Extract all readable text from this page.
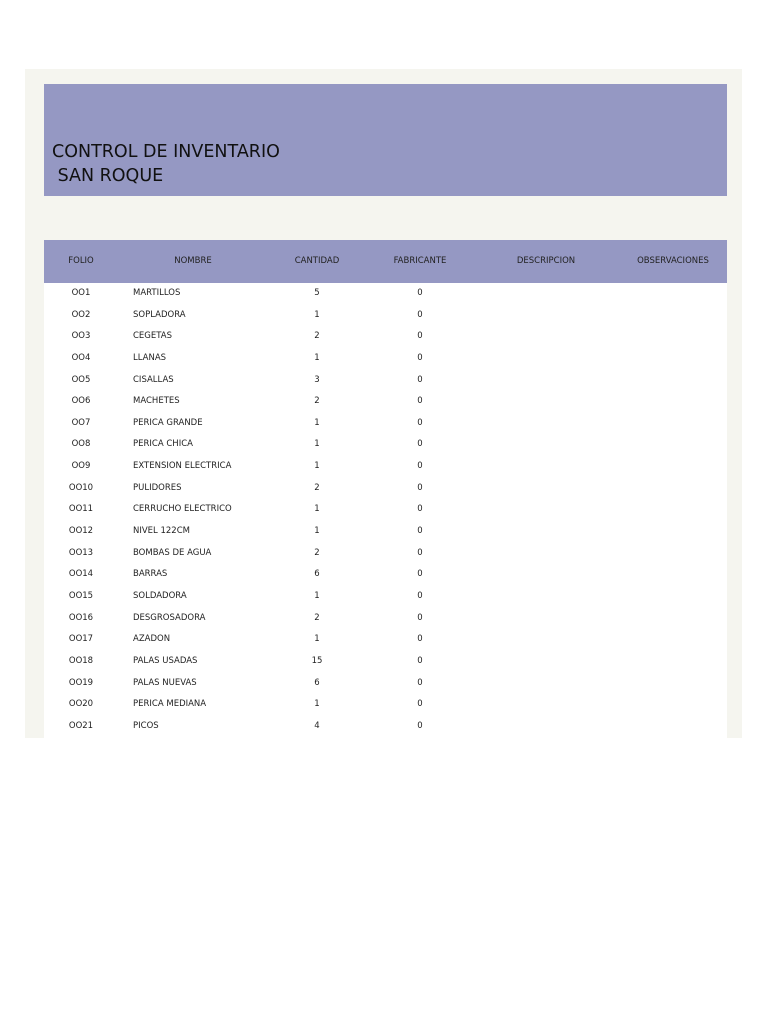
CONTROL DE INVENTARIO
SAN ROQUE
FOLIO	NOMBRE	CANTIDAD	FABRICANTE	DESCRIPCION	OBSERVACIONES
OO1	MARTILLOS	5	0
OO2	SOPLADORA	1	0
OO3	CEGETAS	2	0
OO4	LLANAS	1	0
OO5	CISALLAS	3	0
OO6	MACHETES	2	0
OO7	PERICA GRANDE	1	0
OO8	PERICA CHICA	1	0
OO9	EXTENSION ELECTRICA	1	0
OO10	PULIDORES	2	0
OO11	CERRUCHO ELECTRICO	1	0
OO12	NIVEL 122CM	1	0
OO13	BOMBAS DE AGUA	2	0
OO14	BARRAS	6	0
OO15	SOLDADORA	1	0
OO16	DESGROSADORA	2	0
OO17	AZADON	1	0
OO18	PALAS USADAS	15	0
OO19	PALAS NUEVAS	6	0
OO20	PERICA MEDIANA	1	0
OO21	PICOS	4	0
